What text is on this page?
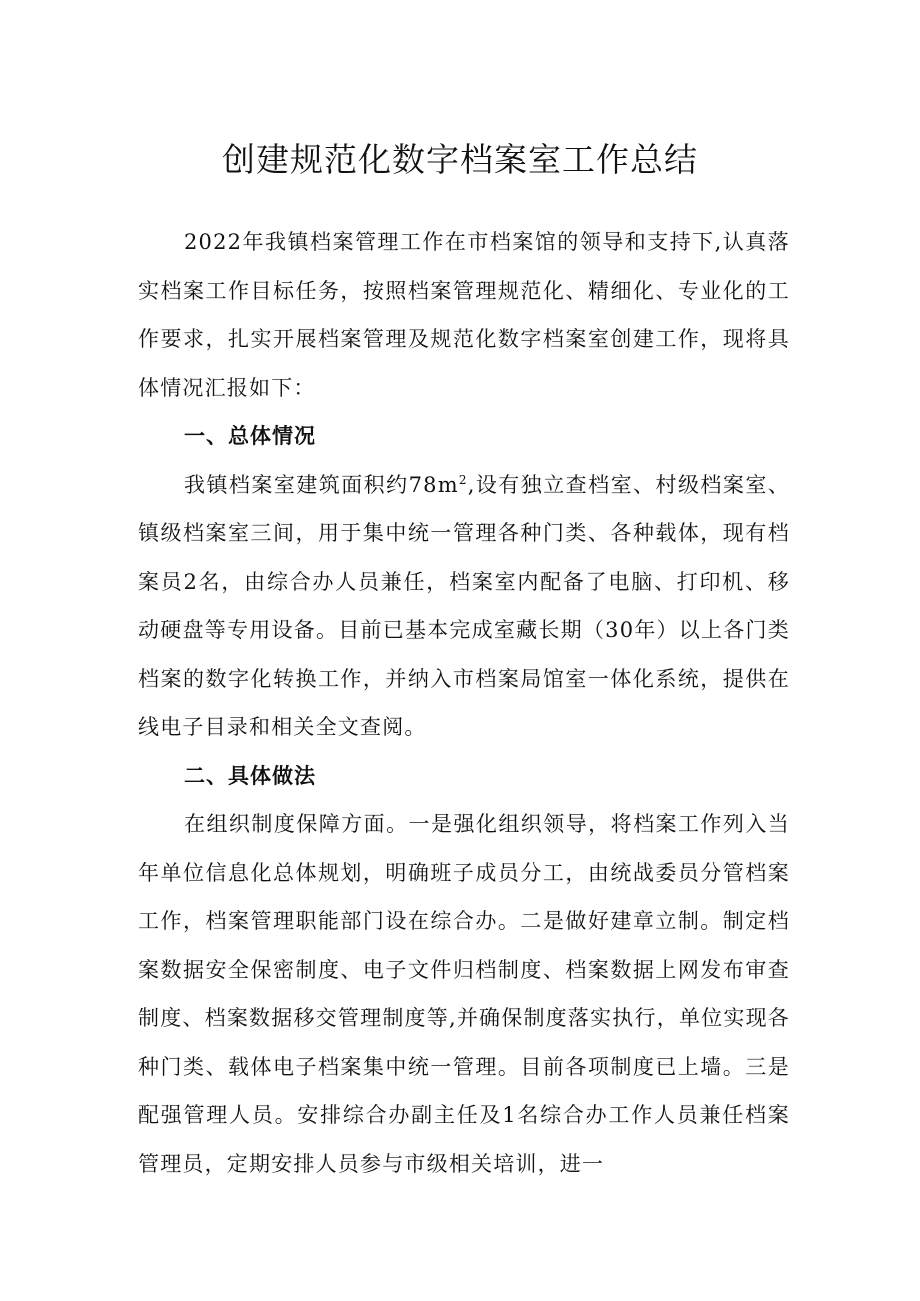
创建规范化数字档案室工作总结

2022年我镇档案管理工作在市档案馆的领导和支持下,认真落实档案工作目标任务，按照档案管理规范化、精细化、专业化的工作要求，扎实开展档案管理及规范化数字档案室创建工作，现将具体情况汇报如下：

一、总体情况

我镇档案室建筑面积约$78m^2$,设有独立查档室、村级档案室、镇级档案室三间，用于集中统一管理各种门类、各种载体，现有档案员2名，由综合办人员兼任，档案室内配备了电脑、打印机、移动硬盘等专用设备。目前已基本完成室藏长期（30年）以上各门类档案的数字化转换工作，并纳入市档案局馆室一体化系统，提供在线电子目录和相关全文查阅。

二、具体做法

在组织制度保障方面。一是强化组织领导，将档案工作列入当年单位信息化总体规划，明确班子成员分工，由统战委员分管档案工作，档案管理职能部门设在综合办。二是做好建章立制。制定档案数据安全保密制度、电子文件归档制度、档案数据上网发布审查制度、档案数据移交管理制度等,并确保制度落实执行，单位实现各种门类、载体电子档案集中统一管理。目前各项制度已上墙。三是配强管理人员。安排综合办副主任及1名综合办工作人员兼任档案管理员，定期安排人员参与市级相关培训，进一
